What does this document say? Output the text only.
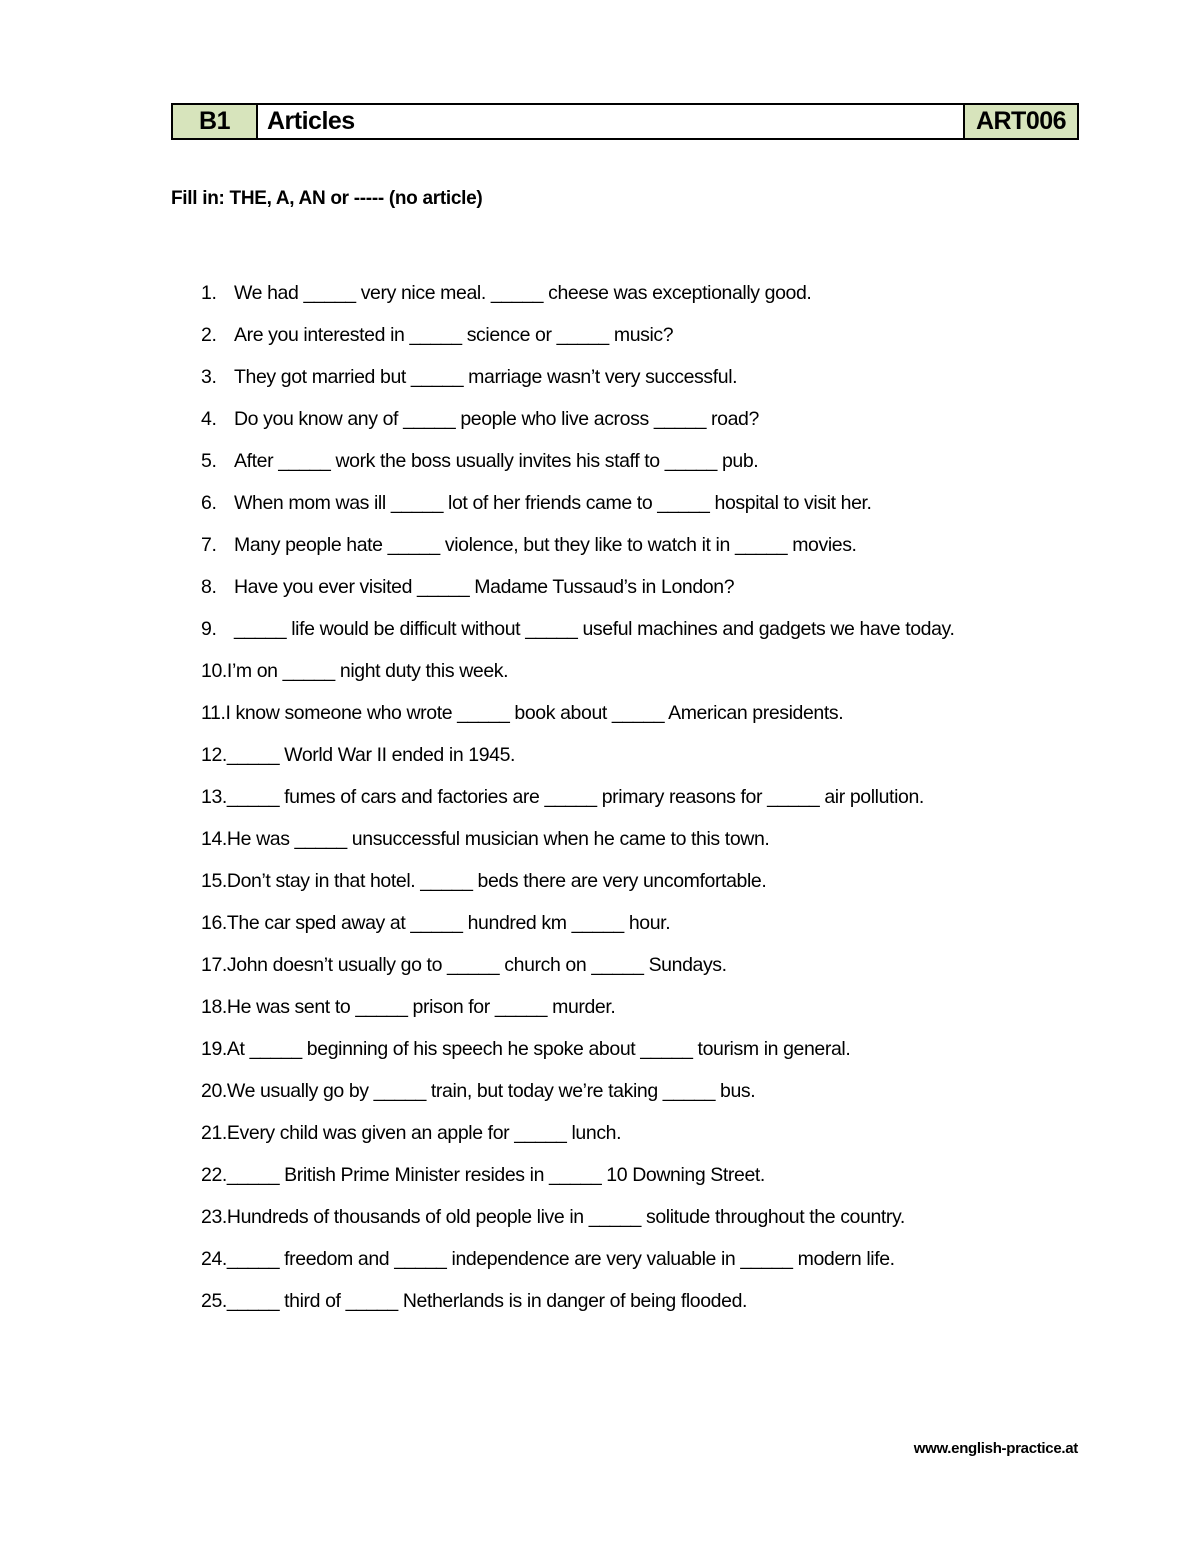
B1	Articles	ART006
Fill in: THE, A, AN or ----- (no article)
1. We had _____ very nice meal. _____ cheese was exceptionally good.
2. Are you interested in _____ science or _____ music?
3. They got married but _____ marriage wasn’t very successful.
4. Do you know any of _____ people who live across _____ road?
5. After _____ work the boss usually invites his staff to _____ pub.
6. When mom was ill _____ lot of her friends came to _____ hospital to visit her.
7. Many people hate _____ violence, but they like to watch it in _____ movies.
8. Have you ever visited _____ Madame Tussaud’s in London?
9. _____ life would be difficult without _____ useful machines and gadgets we have today.
10. I’m on _____ night duty this week.
11. I know someone who wrote _____ book about _____ American presidents.
12. _____ World War II ended in 1945.
13. _____ fumes of cars and factories are _____ primary reasons for _____ air pollution.
14. He was _____ unsuccessful musician when he came to this town.
15. Don’t stay in that hotel. _____ beds there are very uncomfortable.
16. The car sped away at _____ hundred km _____ hour.
17. John doesn’t usually go to _____ church on _____ Sundays.
18. He was sent to _____ prison for _____ murder.
19. At _____ beginning of his speech he spoke about _____ tourism in general.
20. We usually go by _____ train, but today we’re taking _____ bus.
21. Every child was given an apple for _____ lunch.
22. _____ British Prime Minister resides in _____ 10 Downing Street.
23. Hundreds of thousands of old people live in _____ solitude throughout the country.
24. _____ freedom and _____ independence are very valuable in _____ modern life.
25. _____ third of _____ Netherlands is in danger of being flooded.
www.english-practice.at
